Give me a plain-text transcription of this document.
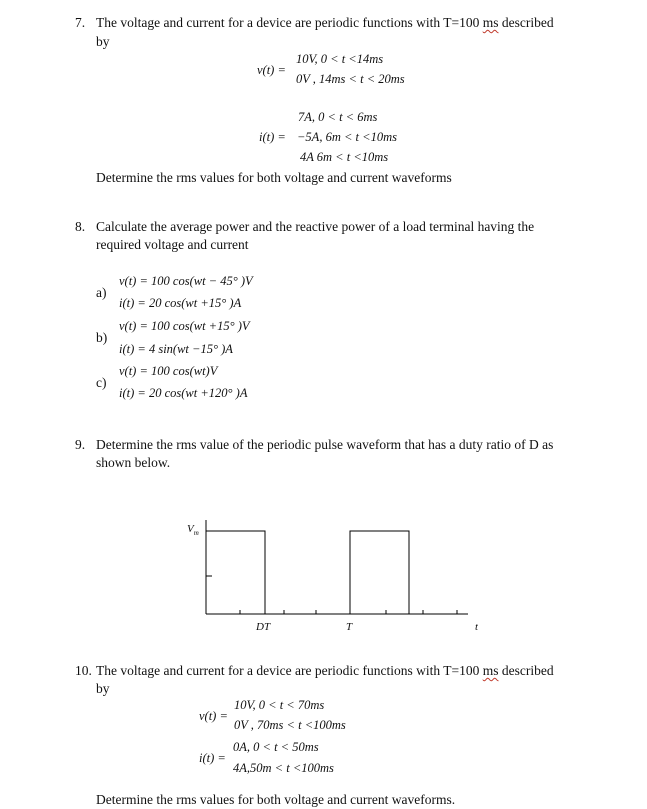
7. The voltage and current for a device are periodic functions with T=100 ms described
by
v(t) =
10V, 0 < t <14ms
0V , 14ms < t < 20ms
i(t) =
7A, 0 < t < 6ms
−5A, 6m < t <10ms
4A 6m < t <10ms
Determine the rms values for both voltage and current waveforms
8. Calculate the average power and the reactive power of a load terminal having the
required voltage and current
a)
v(t) = 100 cos(wt − 45° )V
i(t) = 20 cos(wt +15° )A
b)
v(t) = 100 cos(wt +15° )V
i(t) = 4 sin(wt −15° )A
c)
v(t) = 100 cos(wt)V
i(t) = 20 cos(wt +120° )A
9. Determine the rms value of the periodic pulse waveform that has a duty ratio of D as
shown below.
$V_m$
DT	T	t
10. The voltage and current for a device are periodic functions with T=100 ms described
by
v(t) =
10V, 0 < t < 70ms
0V , 70ms < t <100ms
i(t) =
0A, 0 < t < 50ms
4A,50m < t <100ms
Determine the rms values for both voltage and current waveforms.
